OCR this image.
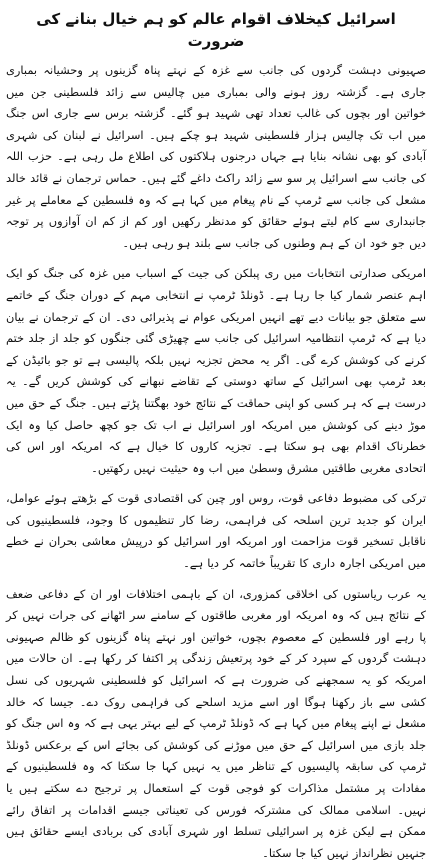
اسرائیل کیخلاف اقوام عالم کو ہم خیال بنانے کی ضرورت

صہیونی دہشت گردوں کی جانب سے غزہ کے نہتے پناہ گزینوں پر وحشیانہ بمباری جاری ہے۔ گزشتہ روز ہونے والی بمباری میں چالیس سے زائد فلسطینی جن میں خواتین اور بچوں کی غالب تعداد تھی شہید ہو گئے۔ گزشتہ برس سے جاری اس جنگ میں اب تک چالیس ہزار فلسطینی شہید ہو چکے ہیں۔ اسرائیل نے لبنان کی شہری آبادی کو بھی نشانہ بنایا ہے جہاں درجنوں ہلاکتوں کی اطلاع مل رہی ہے۔ حزب اللہ کی جانب سے اسرائیل پر سو سے زائد راکٹ داغے گئے ہیں۔ حماس ترجمان نے قائد خالد مشعل کی جانب سے ٹرمپ کے نام پیغام میں کہا ہے کہ وہ فلسطین کے معاملے پر غیر جانبداری سے کام لیتے ہوئے حقائق کو مدنظر رکھیں اور کم از کم ان آوازوں پر توجہ دیں جو خود ان کے ہم وطنوں کی جانب سے بلند ہو رہی ہیں۔

امریکی صدارتی انتخابات میں ری پبلکن کی جیت کے اسباب میں غزہ کی جنگ کو ایک اہم عنصر شمار کیا جا رہا ہے۔ ڈونلڈ ٹرمپ نے انتخابی مہم کے دوران جنگ کے خاتمے سے متعلق جو بیانات دیے تھے انہیں امریکی عوام نے پذیرائی دی۔ ان کے ترجمان نے بیان دیا ہے کہ ٹرمپ انتظامیہ اسرائیل کی جانب سے چھیڑی گئی جنگوں کو جلد از جلد ختم کرنے کی کوشش کرے گی۔ اگر یہ محض تجزیہ نہیں بلکہ پالیسی ہے تو جو بائیڈن کے بعد ٹرمپ بھی اسرائیل کے ساتھ دوستی کے تقاضے نبھانے کی کوشش کریں گے۔ یہ درست ہے کہ ہر کسی کو اپنی حماقت کے نتائج خود بھگتنا پڑتے ہیں۔ جنگ کے حق میں موڑ دینے کی کوشش میں امریکہ اور اسرائیل نے اب تک جو کچھ حاصل کیا وہ ایک خطرناک اقدام بھی ہو سکتا ہے۔ تجزیہ کاروں کا خیال ہے کہ امریکہ اور اس کی اتحادی مغربی طاقتیں مشرق وسطیٰ میں اب وہ حیثیت نہیں رکھتیں۔

ترکی کی مضبوط دفاعی قوت، روس اور چین کی اقتصادی قوت کے بڑھتے ہوئے عوامل، ایران کو جدید ترین اسلحہ کی فراہمی، رضا کار تنظیموں کا وجود، فلسطینیوں کی ناقابل تسخیر قوت مزاحمت اور امریکہ اور اسرائیل کو درپیش معاشی بحران نے خطے میں امریکی اجارہ داری کا تقریباً خاتمہ کر دیا ہے۔

یہ عرب ریاستوں کی اخلاقی کمزوری، ان کے باہمی اختلافات اور ان کے دفاعی ضعف کے نتائج ہیں کہ وہ امریکہ اور مغربی طاقتوں کے سامنے سر اٹھانے کی جرات نہیں کر پا رہے اور فلسطین کے معصوم بچوں، خواتین اور نہتے پناہ گزینوں کو ظالم صہیونی دہشت گردوں کے سپرد کر کے خود پرتعیش زندگی پر اکتفا کر رکھا ہے۔ ان حالات میں امریکہ کو یہ سمجھنے کی ضرورت ہے کہ اسرائیل کو فلسطینی شہریوں کی نسل کشی سے باز رکھنا ہوگا اور اسے مزید اسلحے کی فراہمی روک دے۔ جیسا کہ خالد مشعل نے اپنے پیغام میں کہا ہے کہ ڈونلڈ ٹرمپ کے لیے بہتر یہی ہے کہ وہ اس جنگ کو جلد بازی میں اسرائیل کے حق میں موڑنے کی کوشش کی بجائے اس کے برعکس ڈونلڈ ٹرمپ کی سابقہ پالیسیوں کے تناظر میں یہ نہیں کہا جا سکتا کہ وہ فلسطینیوں کے مفادات پر مشتمل مذاکرات کو فوجی قوت کے استعمال پر ترجیح دے سکتے ہیں یا نہیں۔ اسلامی ممالک کی مشترکہ فورس کی تعیناتی جیسے اقدامات پر اتفاق رائے ممکن ہے لیکن غزہ پر اسرائیلی تسلط اور شہری آبادی کی بربادی ایسے حقائق ہیں جنہیں نظرانداز نہیں کیا جا سکتا۔
